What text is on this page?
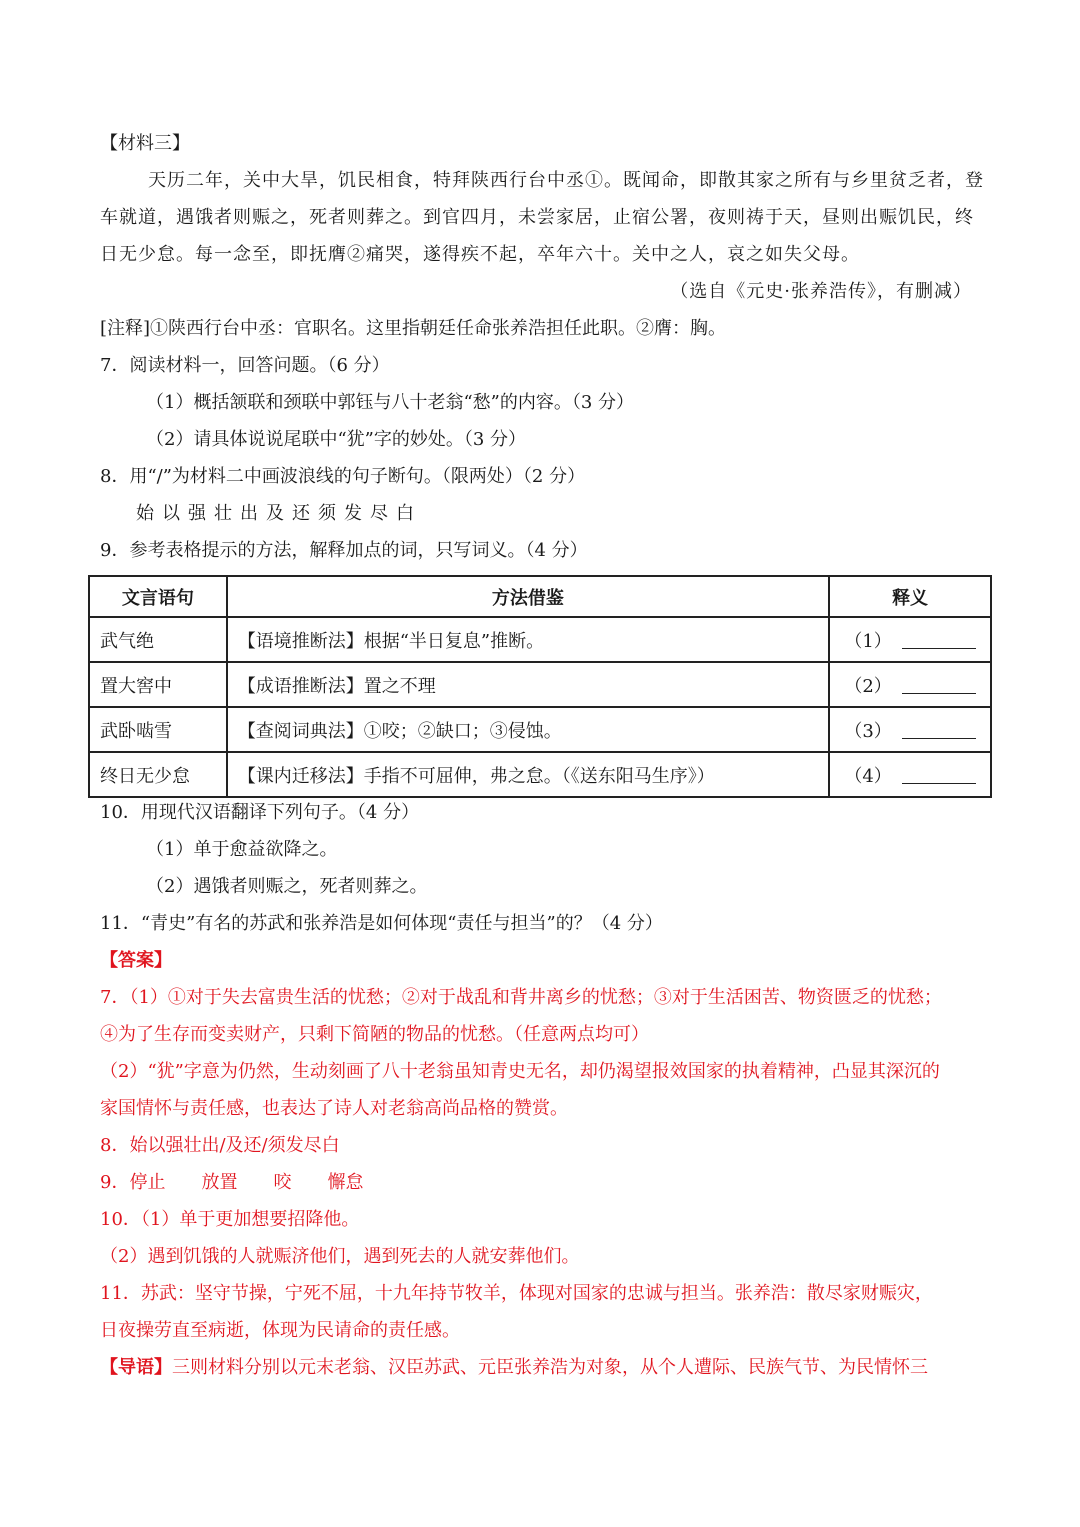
【材料三】
天历二年，关中大旱，饥民相食，特拜陕西行台中丞①。既闻命，即散其家之所有与乡里贫乏者，登
车就道，遇饿者则赈之，死者则葬之。到官四月，未尝家居，止宿公署，夜则祷于天，昼则出赈饥民，终
日无少怠。每一念至，即抚膺②痛哭，遂得疾不起，卒年六十。关中之人，哀之如失父母。
（选自《元史·张养浩传》，有删减）
[注释]①陕西行台中丞：官职名。这里指朝廷任命张养浩担任此职。②膺：胸。
7．阅读材料一，回答问题。（6 分）
（1）概括颔联和颈联中郭钰与八十老翁“愁”的内容。（3 分）
（2）请具体说说尾联中“犹”字的妙处。（3 分）
8．用“/”为材料二中画波浪线的句子断句。（限两处）（2 分）
始以强壮出及还须发尽白
9．参考表格提示的方法，解释加点的词，只写词义。（4 分）
文言语句	方法借鉴	释义
武气绝	【语境推断法】根据“半日复息”推断。	（1）
置大窖中	【成语推断法】置之不理	（2）
武卧啮雪	【查阅词典法】①咬；②缺口；③侵蚀。	（3）
终日无少怠	【课内迁移法】手指不可屈伸，弗之怠。（《送东阳马生序》）	（4）
10．用现代汉语翻译下列句子。（4 分）
（1）单于愈益欲降之。
（2）遇饿者则赈之，死者则葬之。
11．“青史”有名的苏武和张养浩是如何体现“责任与担当”的？（4 分）
【答案】
7．（1）①对于失去富贵生活的忧愁；②对于战乱和背井离乡的忧愁；③对于生活困苦、物资匮乏的忧愁；
④为了生存而变卖财产，只剩下简陋的物品的忧愁。（任意两点均可）
（2）“犹”字意为仍然，生动刻画了八十老翁虽知青史无名，却仍渴望报效国家的执着精神，凸显其深沉的
家国情怀与责任感，也表达了诗人对老翁高尚品格的赞赏。
8．始以强壮出/及还/须发尽白
9．停止　　放置　　咬　　懈怠
10．（1）单于更加想要招降他。
（2）遇到饥饿的人就赈济他们，遇到死去的人就安葬他们。
11．苏武：坚守节操，宁死不屈，十九年持节牧羊，体现对国家的忠诚与担当。张养浩：散尽家财赈灾，
日夜操劳直至病逝，体现为民请命的责任感。
【导语】三则材料分别以元末老翁、汉臣苏武、元臣张养浩为对象，从个人遭际、民族气节、为民情怀三
